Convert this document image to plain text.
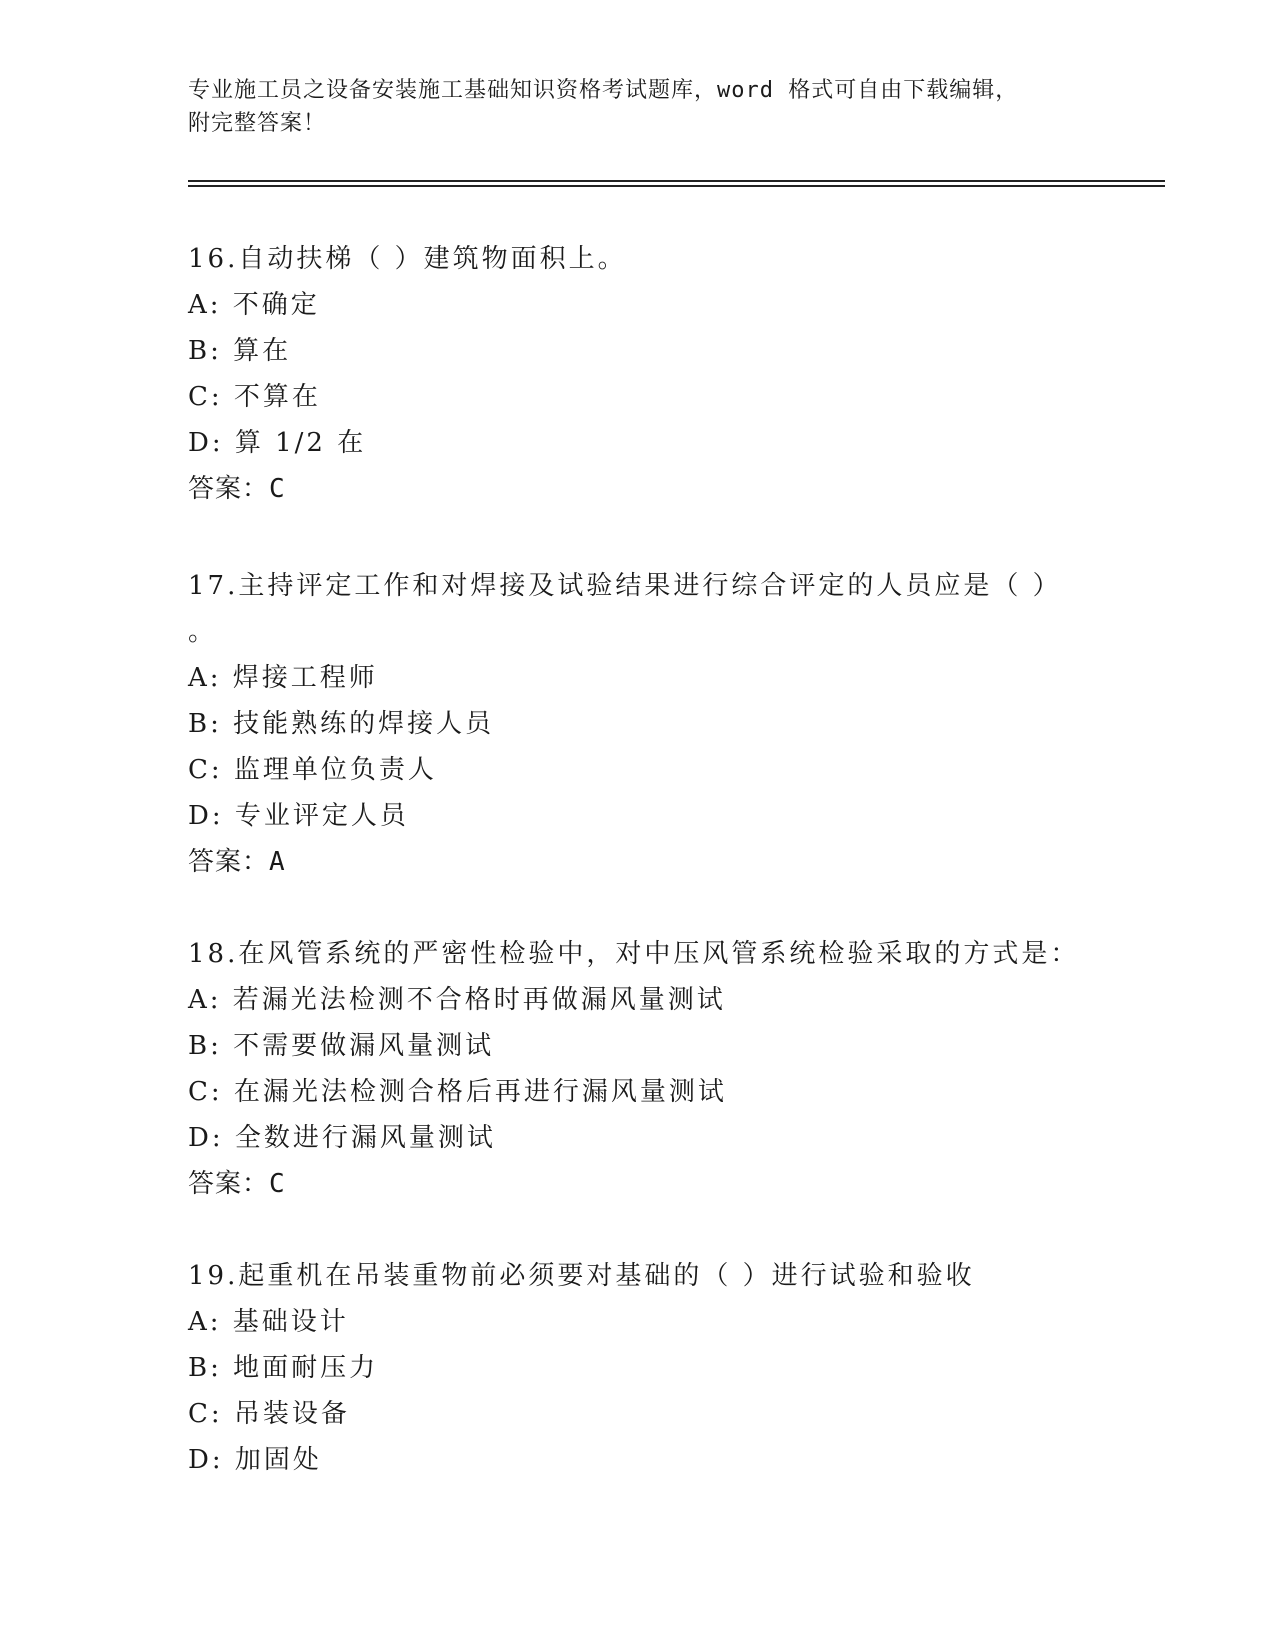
专业施工员之设备安装施工基础知识资格考试题库，word 格式可自由下载编辑，
附完整答案！

16.自动扶梯（ ）建筑物面积上。

A: 不确定
B: 算在
C: 不算在
D: 算 1/2 在
答案：C

17.主持评定工作和对焊接及试验结果进行综合评定的人员应是（ ）

。
A: 焊接工程师
B: 技能熟练的焊接人员
C: 监理单位负责人
D: 专业评定人员
答案：A

18.在风管系统的严密性检验中，对中压风管系统检验采取的方式是：

A: 若漏光法检测不合格时再做漏风量测试
B: 不需要做漏风量测试
C: 在漏光法检测合格后再进行漏风量测试
D: 全数进行漏风量测试
答案：C

19.起重机在吊装重物前必须要对基础的（ ）进行试验和验收

A: 基础设计
B: 地面耐压力
C: 吊装设备
D: 加固处
